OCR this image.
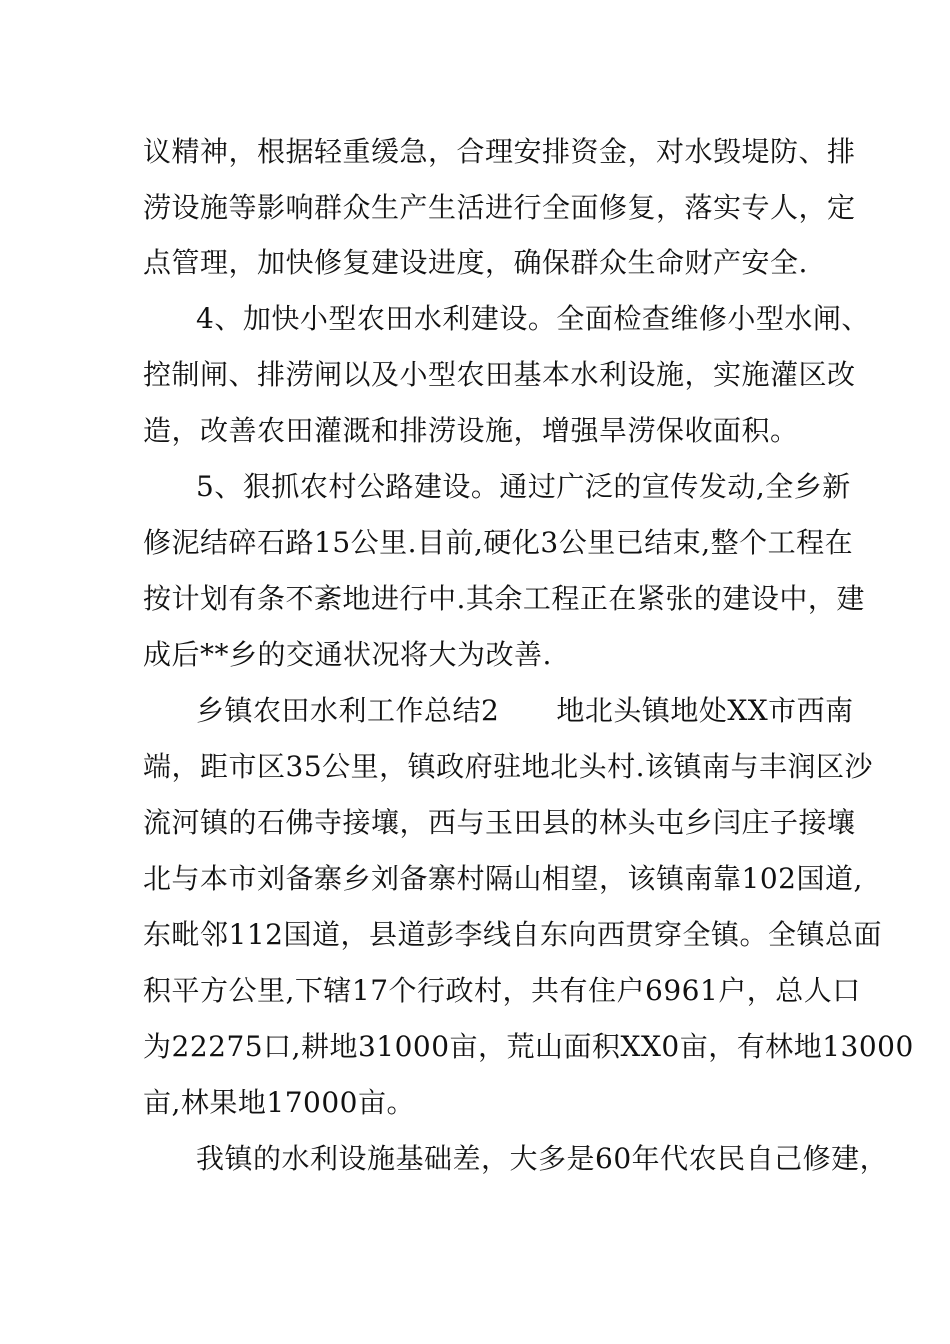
议精神，根据轻重缓急，合理安排资金，对水毁堤防、排
涝设施等影响群众生产生活进行全面修复，落实专人，定
点管理，加快修复建设进度，确保群众生命财产安全.
4、加快小型农田水利建设。全面检查维修小型水闸、
控制闸、排涝闸以及小型农田基本水利设施，实施灌区改
造，改善农田灌溉和排涝设施，增强旱涝保收面积。
5、狠抓农村公路建设。通过广泛的宣传发动,全乡新
修泥结碎石路15公里.目前,硬化3公里已结束,整个工程在
按计划有条不紊地进行中.其余工程正在紧张的建设中，建
成后**乡的交通状况将大为改善.
乡镇农田水利工作总结2　　地北头镇地处XX市西南
端，距市区35公里，镇政府驻地北头村.该镇南与丰润区沙
流河镇的石佛寺接壤，西与玉田县的林头屯乡闫庄子接壤
北与本市刘备寨乡刘备寨村隔山相望，该镇南靠102国道,
东毗邻112国道，县道彭李线自东向西贯穿全镇。全镇总面
积平方公里,下辖17个行政村，共有住户6961户，总人口
为22275口,耕地31000亩，荒山面积XX0亩，有林地13000
亩,林果地17000亩。
我镇的水利设施基础差，大多是60年代农民自己修建，
